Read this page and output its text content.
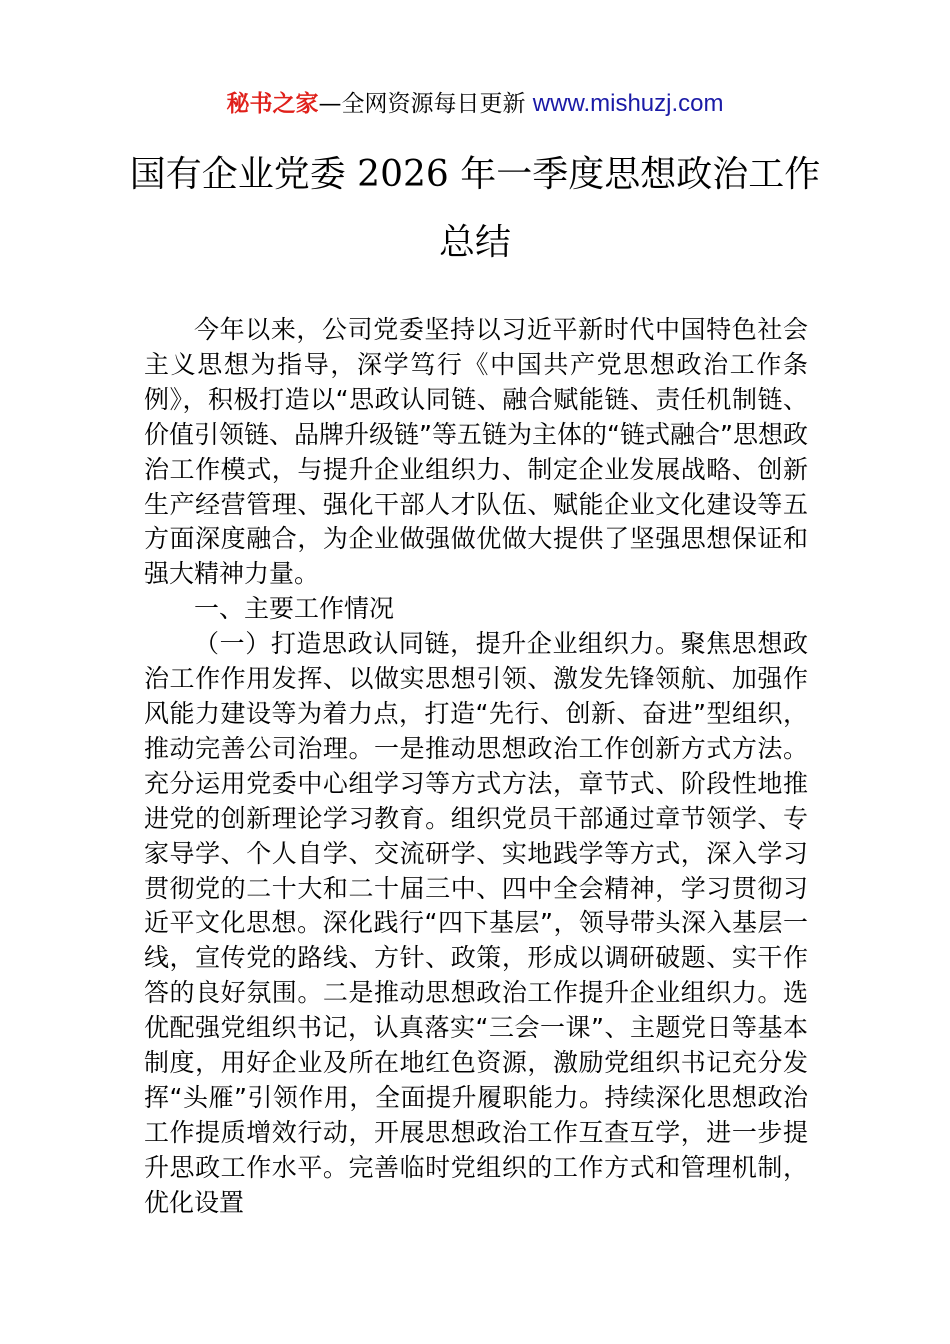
秘书之家—全网资源每日更新 www.mishuzj.com
国有企业党委 2026 年一季度思想政治工作
总结

今年以来，公司党委坚持以习近平新时代中国特色社会主义思想为指导，深学笃行《中国共产党思想政治工作条例》，积极打造以“思政认同链、融合赋能链、责任机制链、价值引领链、品牌升级链”等五链为主体的“链式融合”思想政治工作模式，与提升企业组织力、制定企业发展战略、创新生产经营管理、强化干部人才队伍、赋能企业文化建设等五方面深度融合，为企业做强做优做大提供了坚强思想保证和强大精神力量。

一、主要工作情况

（一）打造思政认同链，提升企业组织力。聚焦思想政治工作作用发挥、以做实思想引领、激发先锋领航、加强作风能力建设等为着力点，打造“先行、创新、奋进”型组织，推动完善公司治理。一是推动思想政治工作创新方式方法。充分运用党委中心组学习等方式方法，章节式、阶段性地推进党的创新理论学习教育。组织党员干部通过章节领学、专家导学、个人自学、交流研学、实地践学等方式，深入学习贯彻党的二十大和二十届三中、四中全会精神，学习贯彻习近平文化思想。深化践行“四下基层”，领导带头深入基层一线，宣传党的路线、方针、政策，形成以调研破题、实干作答的良好氛围。二是推动思想政治工作提升企业组织力。选优配强党组织书记，认真落实“三会一课”、主题党日等基本制度，用好企业及所在地红色资源，激励党组织书记充分发挥“头雁”引领作用，全面提升履职能力。持续深化思想政治工作提质增效行动，开展思想政治工作互查互学，进一步提升思政工作水平。完善临时党组织的工作方式和管理机制，优化设置
